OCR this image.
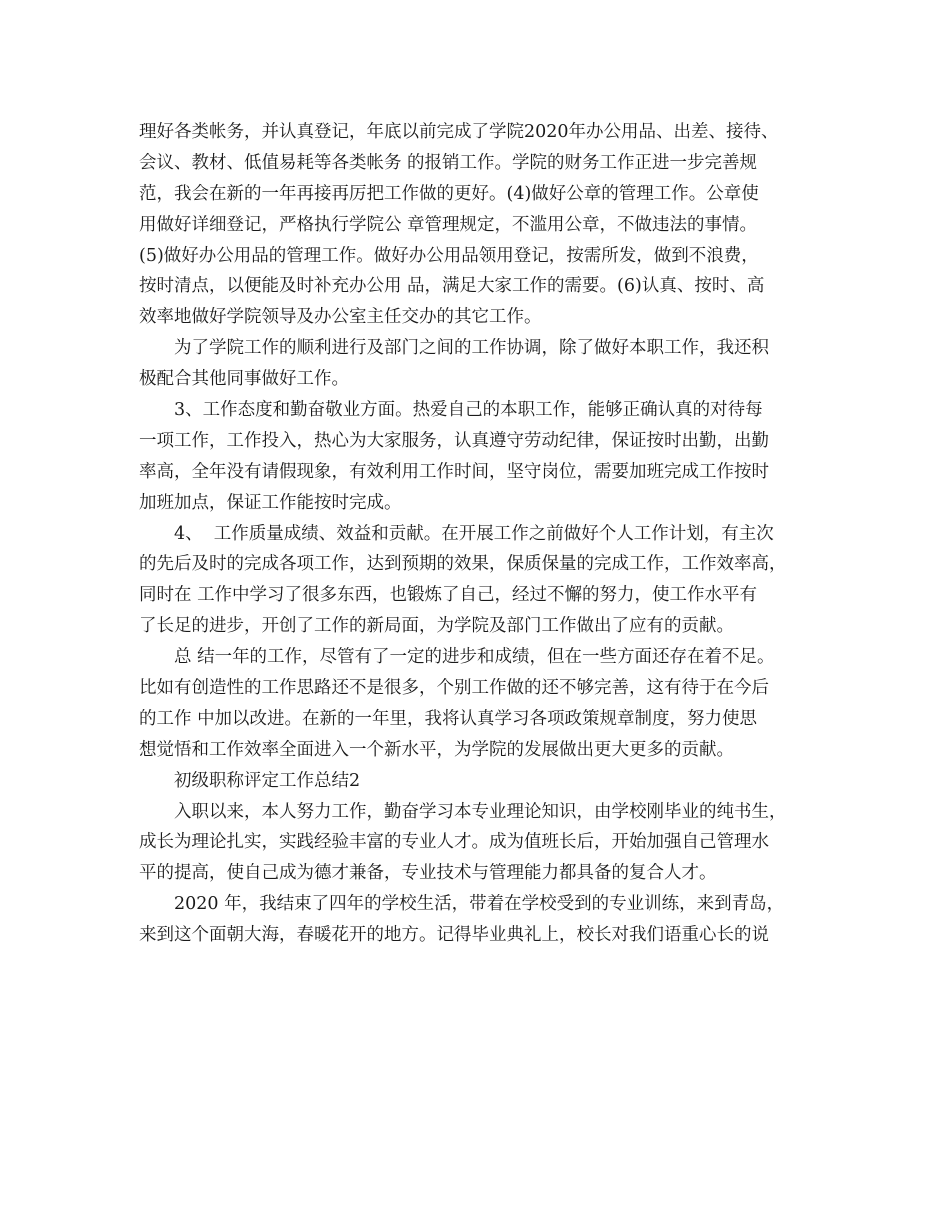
理好各类帐务，并认真登记，年底以前完成了学院2020年办公用品、出差、接待、
会议、教材、低值易耗等各类帐务 的报销工作。学院的财务工作正进一步完善规
范，我会在新的一年再接再厉把工作做的更好。(4)做好公章的管理工作。公章使
用做好详细登记，严格执行学院公 章管理规定，不滥用公章，不做违法的事情。
(5)做好办公用品的管理工作。做好办公用品领用登记，按需所发，做到不浪费，
按时清点，以便能及时补充办公用 品，满足大家工作的需要。(6)认真、按时、高
效率地做好学院领导及办公室主任交办的其它工作。
为了学院工作的顺利进行及部门之间的工作协调，除了做好本职工作，我还积
极配合其他同事做好工作。
3、工作态度和勤奋敬业方面。热爱自己的本职工作，能够正确认真的对待每
一项工作，工作投入，热心为大家服务，认真遵守劳动纪律，保证按时出勤，出勤
率高，全年没有请假现象，有效利用工作时间，坚守岗位，需要加班完成工作按时
加班加点，保证工作能按时完成。
4、  工作质量成绩、效益和贡献。在开展工作之前做好个人工作计划，有主次
的先后及时的完成各项工作，达到预期的效果，保质保量的完成工作，工作效率高，
同时在 工作中学习了很多东西，也锻炼了自己，经过不懈的努力，使工作水平有
了长足的进步，开创了工作的新局面，为学院及部门工作做出了应有的贡献。
总 结一年的工作，尽管有了一定的进步和成绩，但在一些方面还存在着不足。
比如有创造性的工作思路还不是很多，个别工作做的还不够完善，这有待于在今后
的工作 中加以改进。在新的一年里，我将认真学习各项政策规章制度，努力使思
想觉悟和工作效率全面进入一个新水平，为学院的发展做出更大更多的贡献。
初级职称评定工作总结2
入职以来，本人努力工作，勤奋学习本专业理论知识，由学校刚毕业的纯书生，
成长为理论扎实，实践经验丰富的专业人才。成为值班长后，开始加强自己管理水
平的提高，使自己成为德才兼备，专业技术与管理能力都具备的复合人才。
2020 年，我结束了四年的学校生活，带着在学校受到的专业训练，来到青岛，
来到这个面朝大海，春暖花开的地方。记得毕业典礼上，校长对我们语重心长的说
